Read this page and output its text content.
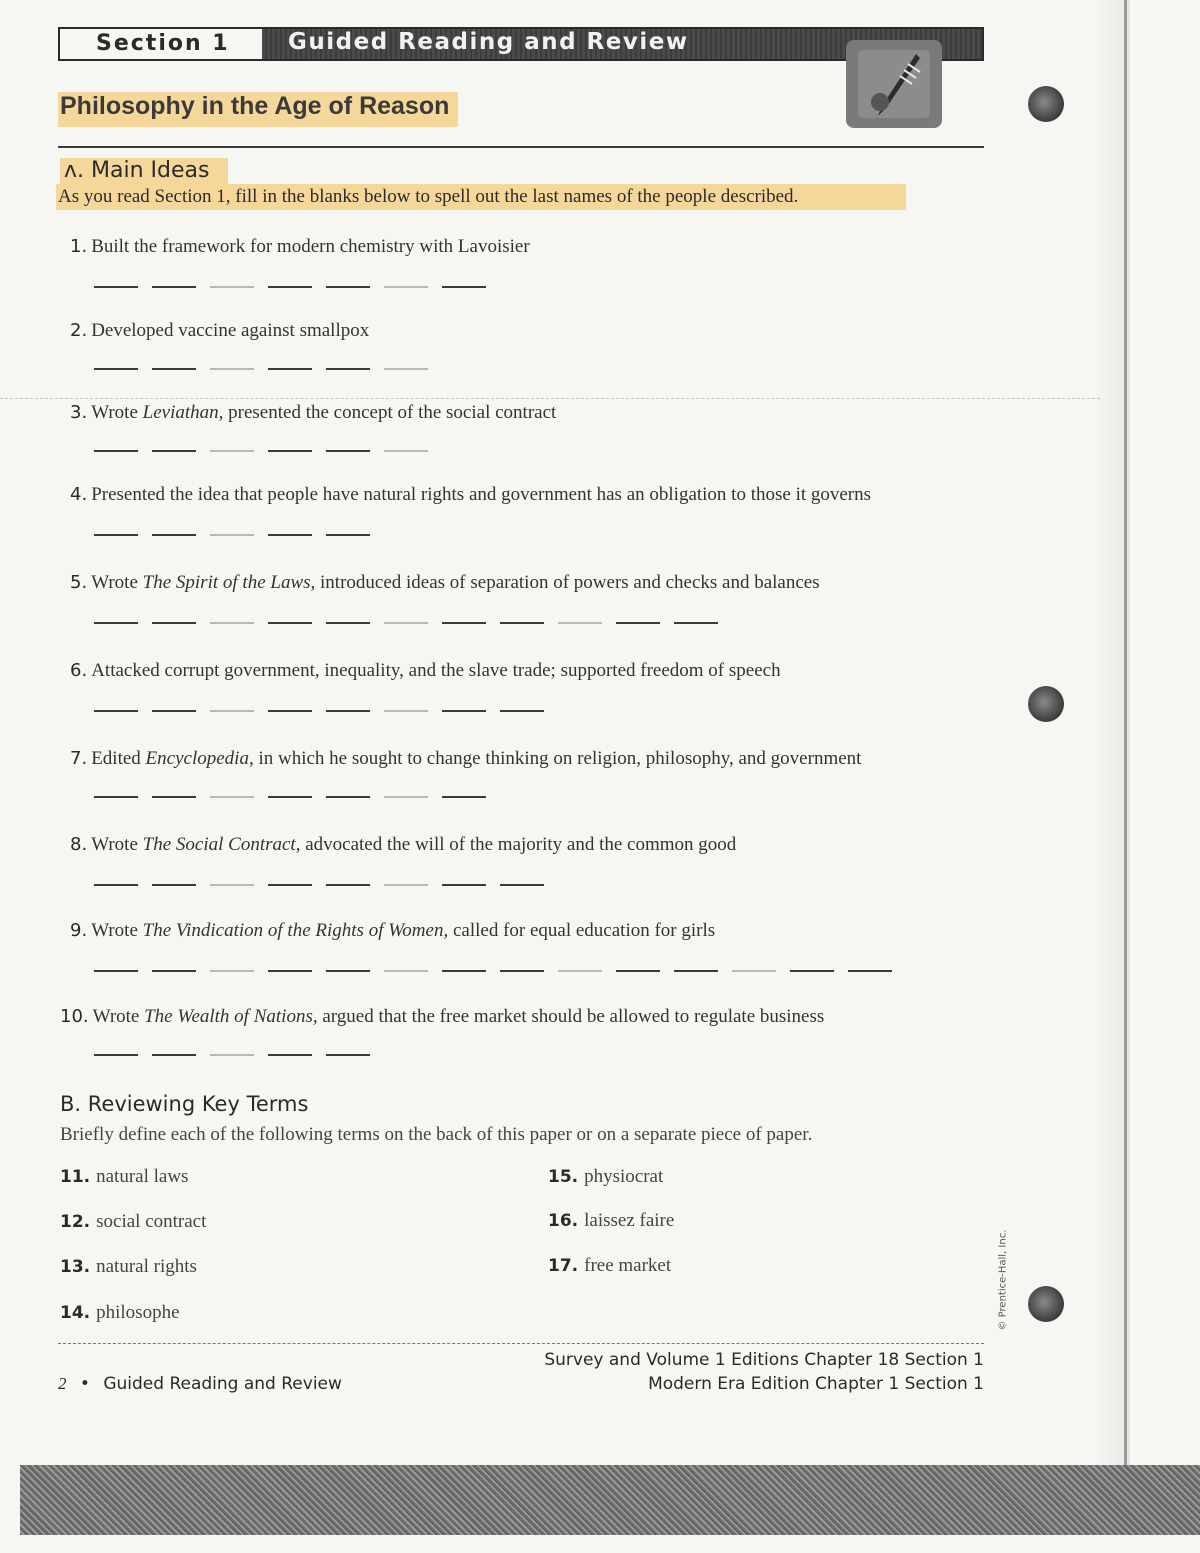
Section 1	Guided Reading and Review
Philosophy in the Age of Reason
ʌ. Main Ideas
As you read Section 1, fill in the blanks below to spell out the last names of the people described.
1. Built the framework for modern chemistry with Lavoisier
2. Developed vaccine against smallpox
3. Wrote Leviathan, presented the concept of the social contract
4. Presented the idea that people have natural rights and government has an obligation to those it governs
5. Wrote The Spirit of the Laws, introduced ideas of separation of powers and checks and balances
6. Attacked corrupt government, inequality, and the slave trade; supported freedom of speech
7. Edited Encyclopedia, in which he sought to change thinking on religion, philosophy, and government
8. Wrote The Social Contract, advocated the will of the majority and the common good
9. Wrote The Vindication of the Rights of Women, called for equal education for girls
10. Wrote The Wealth of Nations, argued that the free market should be allowed to regulate business
B. Reviewing Key Terms
Briefly define each of the following terms on the back of this paper or on a separate piece of paper.
11. natural laws
12. social contract
13. natural rights
14. philosophe
15. physiocrat
16. laissez faire
17. free market
2 • Guided Reading and Review
Survey and Volume 1 Editions Chapter 18 Section 1
Modern Era Edition Chapter 1 Section 1
© Prentice-Hall, Inc.
